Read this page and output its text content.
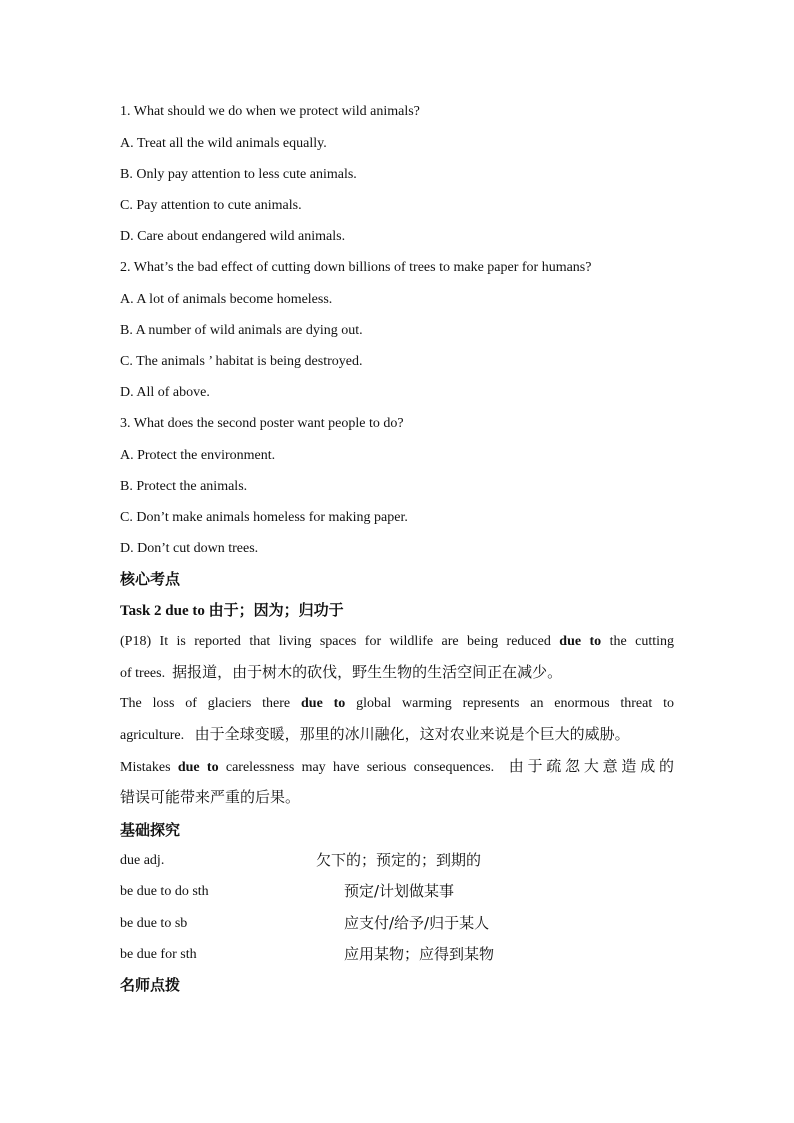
1. What should we do when we protect wild animals?
A. Treat all the wild animals equally.
B. Only pay attention to less cute animals.
C. Pay attention to cute animals.
D. Care about endangered wild animals.
2. What’s the bad effect of cutting down billions of trees to make paper for humans?
A. A lot of animals become homeless.
B. A number of wild animals are dying out.
C. The animals ’ habitat is being destroyed.
D. All of above.
3. What does the second poster want people to do?
A. Protect the environment.
B. Protect the animals.
C. Don’t make animals homeless for making paper.
D. Don’t cut down trees.
核心考点
Task 2 due to 由于；因为；归功于
(P18) It is reported that living spaces for wildlife are being reduced due to the cutting
of trees. 据报道，由于树木的砍伐，野生生物的生活空间正在减少。
The loss of glaciers there due to global warming represents an enormous threat to
agriculture. 由于全球变暖，那里的冰川融化，这对农业来说是个巨大的威胁。
Mistakes due to carelessness may have serious consequences. 由于疏忽大意造成的
错误可能带来严重的后果。
基础探究
due adj.	欠下的；预定的；到期的
be due to do sth	预定/计划做某事
be due to sb	应支付/给予/归于某人
be due for sth	应用某物；应得到某物
名师点拨
